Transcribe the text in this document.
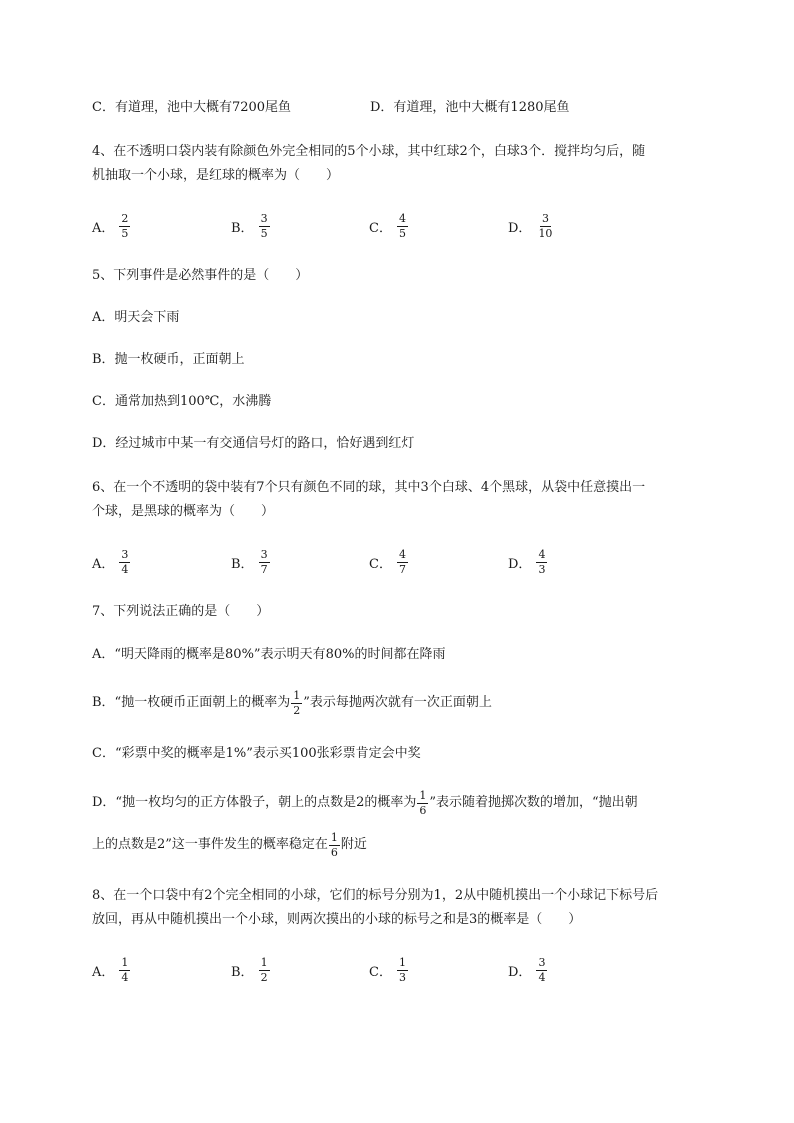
C．有道理，池中大概有7200尾鱼	D．有道理，池中大概有1280尾鱼
4、在不透明口袋内装有除颜色外完全相同的5个小球，其中红球2个，白球3个．搅拌均匀后，随
机抽取一个小球，是红球的概率为（　　）
A． $\frac{2}{5}$	B． $\frac{3}{5}$	C． $\frac{4}{5}$	D． $\frac{3}{10}$
5、下列事件是必然事件的是（　　）
A．明天会下雨
B．抛一枚硬币，正面朝上
C．通常加热到100℃，水沸腾
D．经过城市中某一有交通信号灯的路口，恰好遇到红灯
6、在一个不透明的袋中装有7个只有颜色不同的球，其中3个白球、4个黑球，从袋中任意摸出一
个球，是黑球的概率为（　　）
A． $\frac{3}{4}$	B． $\frac{3}{7}$	C． $\frac{4}{7}$	D． $\frac{4}{3}$
7、下列说法正确的是（　　）
A．“明天降雨的概率是80%”表示明天有80%的时间都在降雨
B．“抛一枚硬币正面朝上的概率为 $\frac{1}{2}$ ”表示每抛两次就有一次正面朝上
C．“彩票中奖的概率是1%”表示买100张彩票肯定会中奖
D．“抛一枚均匀的正方体骰子，朝上的点数是2的概率为 $\frac{1}{6}$ ”表示随着抛掷次数的增加，“抛出朝
上的点数是2”这一事件发生的概率稳定在 $\frac{1}{6}$ 附近
8、在一个口袋中有2个完全相同的小球，它们的标号分别为1，2从中随机摸出一个小球记下标号后
放回，再从中随机摸出一个小球，则两次摸出的小球的标号之和是3的概率是（　　）
A． $\frac{1}{4}$	B． $\frac{1}{2}$	C． $\frac{1}{3}$	D． $\frac{3}{4}$
